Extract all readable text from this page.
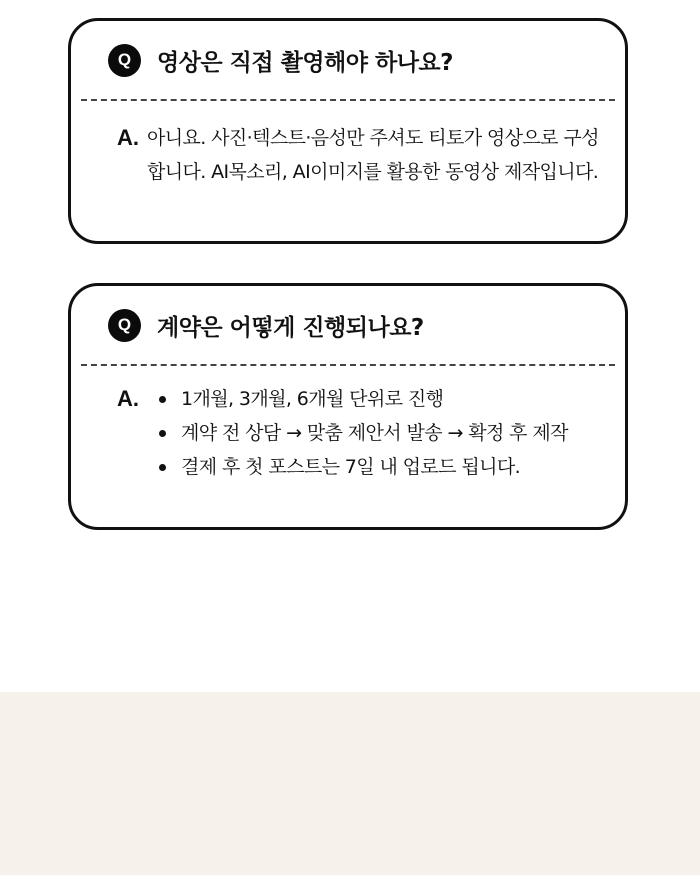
Q	영상은 직접 촬영해야 하나요?
A. 아니요. 사진·텍스트·음성만 주셔도 티토가 영상으로 구성합니다. AI목소리, AI이미지를 활용한 동영상 제작입니다.
Q	계약은 어떻게 진행되나요?
A.	1개월, 3개월, 6개월 단위로 진행
계약 전 상담 → 맞춤 제안서 발송 → 확정 후 제작
결제 후 첫 포스트는 7일 내 업로드 됩니다.
